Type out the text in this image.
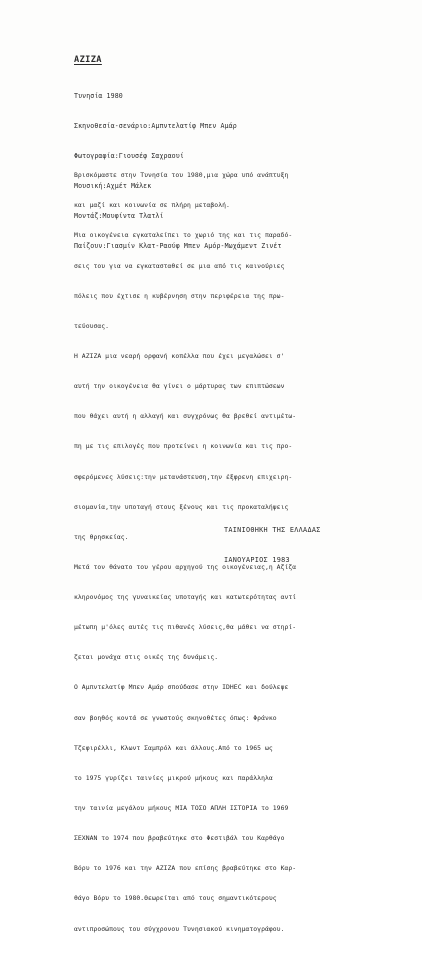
ΑΖΙΖΑ

Τυνησία 1980

Σκηνοθεσία-σενάριο:Αμπντελατίφ Μπεν Αμάρ

Φωτογραφία:Γιουσέφ Σαχραουί

Μουσική:Αχμέτ Μάλεκ

Μοντάζ:Μουφίντα Τλατλί

Παίζουν:Γιασμίν Κλατ-Ραούφ Μπεν Αμόρ-Μωχάμεντ Ζινέτ

Βρισκόμαστε στην Τυνησία του 1980,μια χώρα υπό ανάπτυξη

και μαζί και κοινωνία σε πλήρη μεταβολή.

Μια οικογένεια εγκαταλείπει το χωριό της και τις παραδό-

σεις του για να εγκατασταθεί σε μια από τις καινούριες

πόλεις που έχτισε η κυβέρνηση στην περιφέρεια της πρω-

τεύουσας.

Η ΑΖΙΖΑ μια νεαρή ορφανή κοπέλλα που έχει μεγαλώσει σ'

αυτή την οικογένεια θα γίνει ο μάρτυρας των επιπτώσεων

που θάχει αυτή η αλλαγή και συγχρόνως θα βρεθεί αντιμέτω-

πη με τις επιλογές που προτείνει η κοινωνία και τις προ-

σφερόμενες λύσεις:την μετανάστευση,την έξφρενη επιχειρη-

σιομανία,την υποταγή στους ξένους και τις προκαταλήψεις

της θρησκείας.

Μετά τον θάνατο του γέρου αρχηγού της οικογένειας,η Αζίζα

κληρονόμος της γυναικείας υποταγής και κατωτερότητας αντί

μέτωπη μ'όλες αυτές τις πιθανές λύσεις,θα μάθει να στηρί-

ζεται μονάχα στις οικές της δυνάμεις.

Ο Αμπντελατίφ Μπεν Αμάρ σπούδασε στην IDHEC και δούλεψε

σαν βοηθός κοντά σε γνωστούς σκηνοθέτες όπως: Φράνκο

Τζεφιρέλλι, Κλωντ Σαμπρόλ και άλλους.Από το 1965 ως

το 1975 γυρίζει ταινίες μικρού μήκους και παράλληλα

την ταινία μεγάλου μήκους ΜΙΑ ΤΟΣΟ ΑΠΛΗ ΙΣΤΟΡΙΑ το 1969

ΣΕΧΝΑΝ το 1974 που βραβεύτηκε στο Φεστιβάλ του Καρθάγο

Βόρυ το 1976 και την ΑΖΙΖΑ που επίσης βραβεύτηκε στο Καρ-

θάγο Βόρυ το 1980.Θεωρείται από τους σημαντικότερους

αντιπροσώπους του σύγχρονου Τυνησιακού κινηματογράφου.

ΤΑΙΝΙΟΘΗΚΗ ΤΗΣ ΕΛΛΑΔΑΣ

ΙΑΝΟΥΑΡΙΟΣ 1983
